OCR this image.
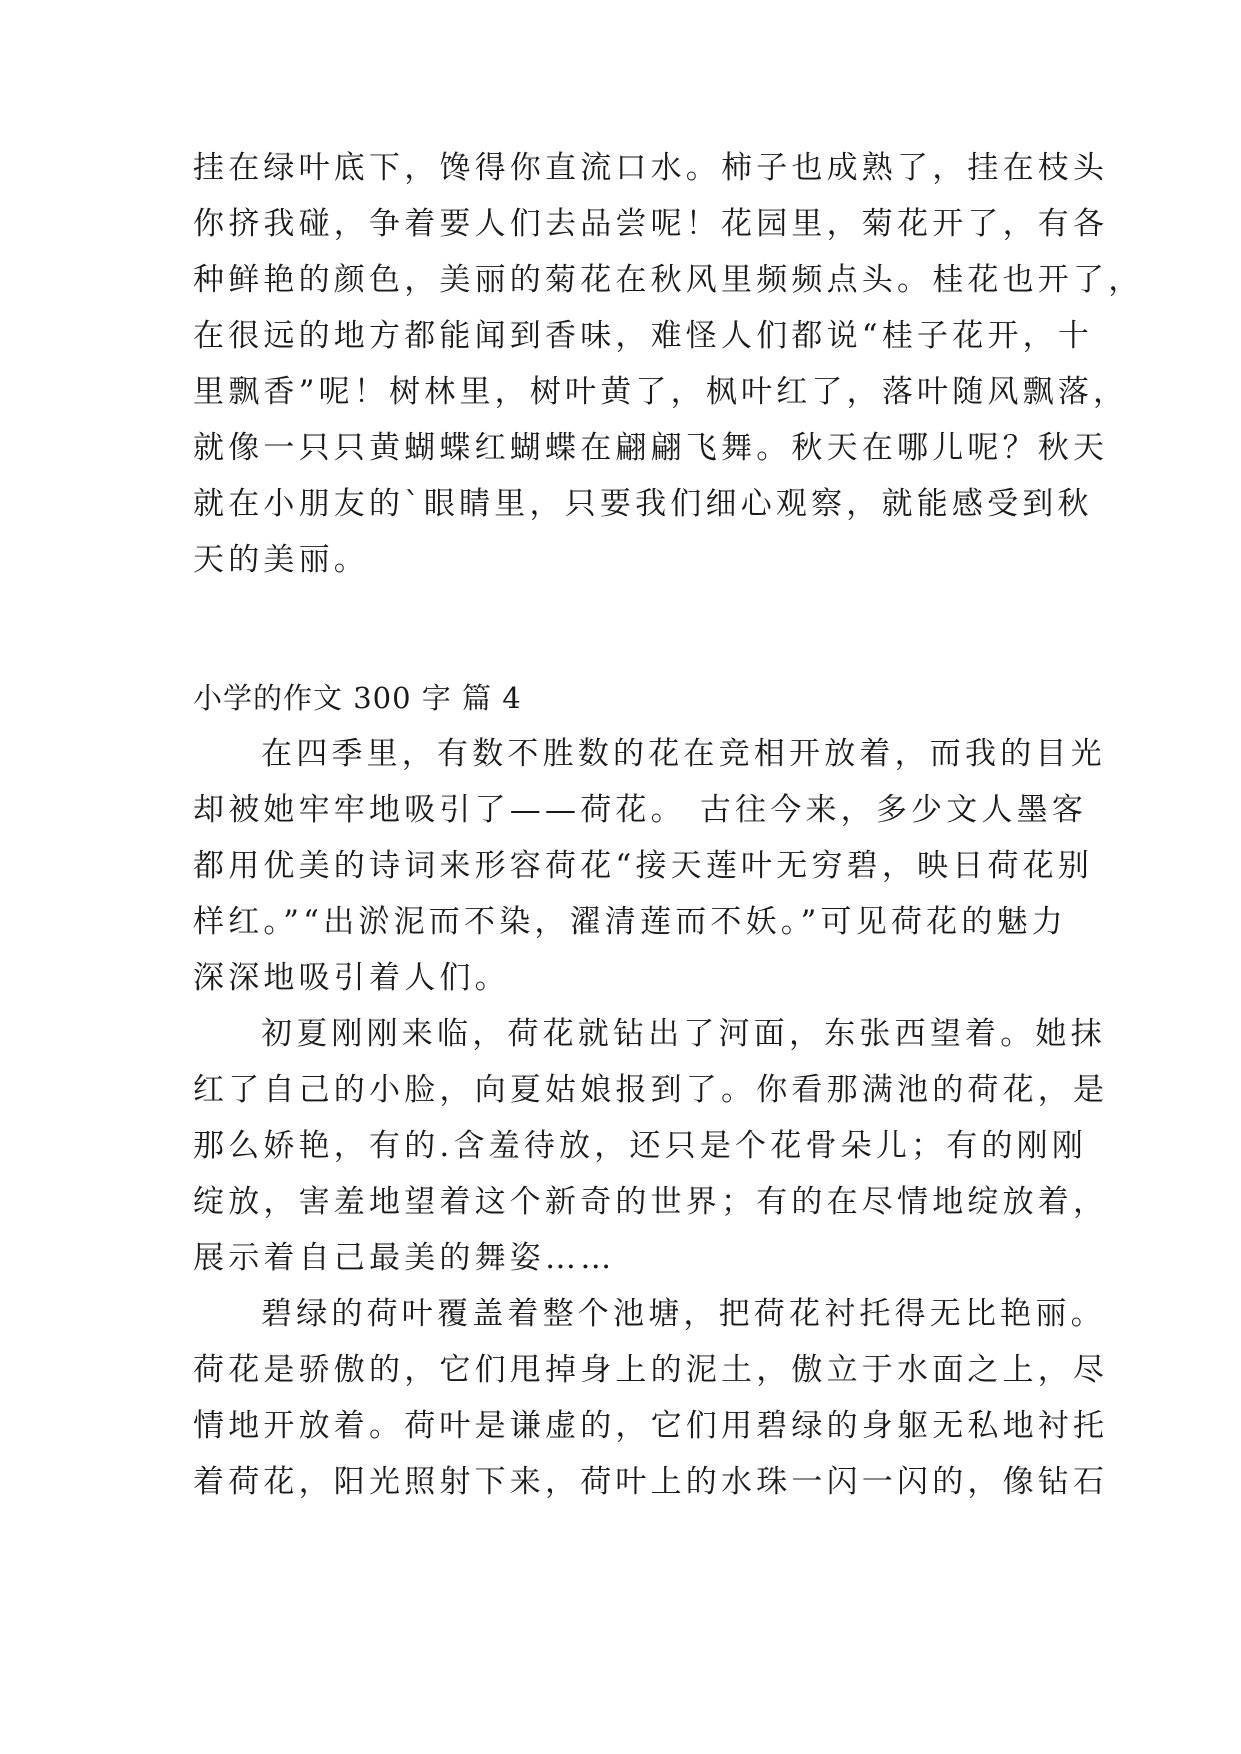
挂在绿叶底下，馋得你直流口水。柿子也成熟了，挂在枝头
你挤我碰，争着要人们去品尝呢！花园里，菊花开了，有各
种鲜艳的颜色，美丽的菊花在秋风里频频点头。桂花也开了，
在很远的地方都能闻到香味，难怪人们都说“桂子花开，十
里飘香”呢！树林里，树叶黄了，枫叶红了，落叶随风飘落，
就像一只只黄蝴蝶红蝴蝶在翩翩飞舞。秋天在哪儿呢？秋天
就在小朋友的`眼睛里，只要我们细心观察，就能感受到秋
天的美丽。
小学的作文 300 字 篇 4
在四季里，有数不胜数的花在竞相开放着，而我的目光
却被她牢牢地吸引了——荷花。 古往今来，多少文人墨客
都用优美的诗词来形容荷花“接天莲叶无穷碧，映日荷花别
样红。”“出淤泥而不染，濯清莲而不妖。”可见荷花的魅力
深深地吸引着人们。
初夏刚刚来临，荷花就钻出了河面，东张西望着。她抹
红了自己的小脸，向夏姑娘报到了。你看那满池的荷花，是
那么娇艳，有的.含羞待放，还只是个花骨朵儿；有的刚刚
绽放，害羞地望着这个新奇的世界；有的在尽情地绽放着，
展示着自己最美的舞姿……
碧绿的荷叶覆盖着整个池塘，把荷花衬托得无比艳丽。
荷花是骄傲的，它们甩掉身上的泥土，傲立于水面之上，尽
情地开放着。荷叶是谦虚的，它们用碧绿的身躯无私地衬托
着荷花，阳光照射下来，荷叶上的水珠一闪一闪的，像钻石
